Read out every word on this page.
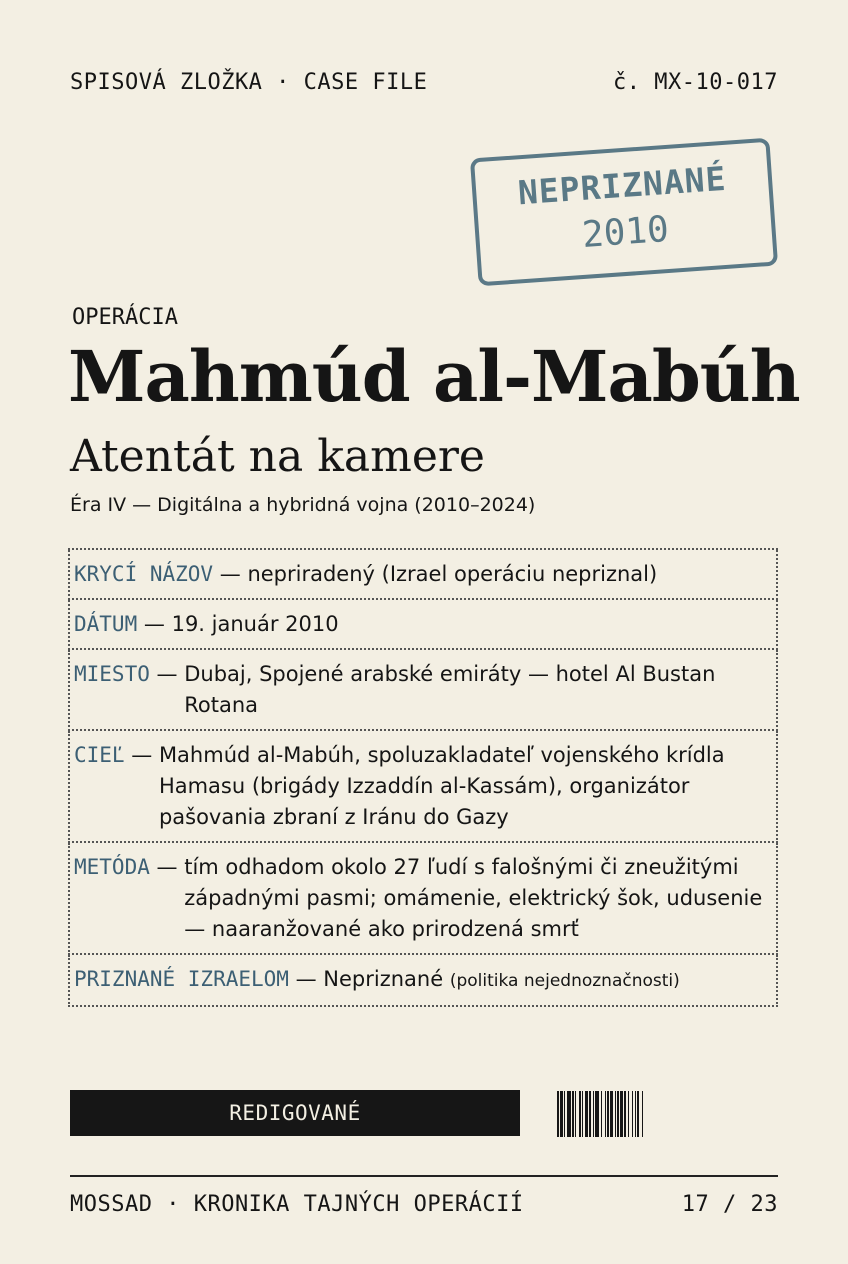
SPISOVÁ ZLOŽKA · CASE FILE	č. MX-10-017
NEPRIZNANÉ
2010
OPERÁCIA
Mahmúd al-Mabúh
Atentát na kamere
Éra IV — Digitálna a hybridná vojna (2010–2024)
KRYCÍ NÁZOV — nepriradený (Izrael operáciu nepriznal)
DÁTUM — 19. január 2010
MIESTO — Dubaj, Spojené arabské emiráty — hotel Al Bustan Rotana
CIEĽ — Mahmúd al-Mabúh, spoluzakladateľ vojenského krídla Hamasu (brigády Izzaddín al-Kassám), organizátor pašovania zbraní z Iránu do Gazy
METÓDA — tím odhadom okolo 27 ľudí s falošnými či zneužitými západnými pasmi; omámenie, elektrický šok, udusenie — naaranžované ako prirodzená smrť
PRIZNANÉ IZRAELOM — Nepriznané (politika nejednoznačnosti)
REDIGOVANÉ
MOSSAD · KRONIKA TAJNÝCH OPERÁCIÍ	17 / 23
